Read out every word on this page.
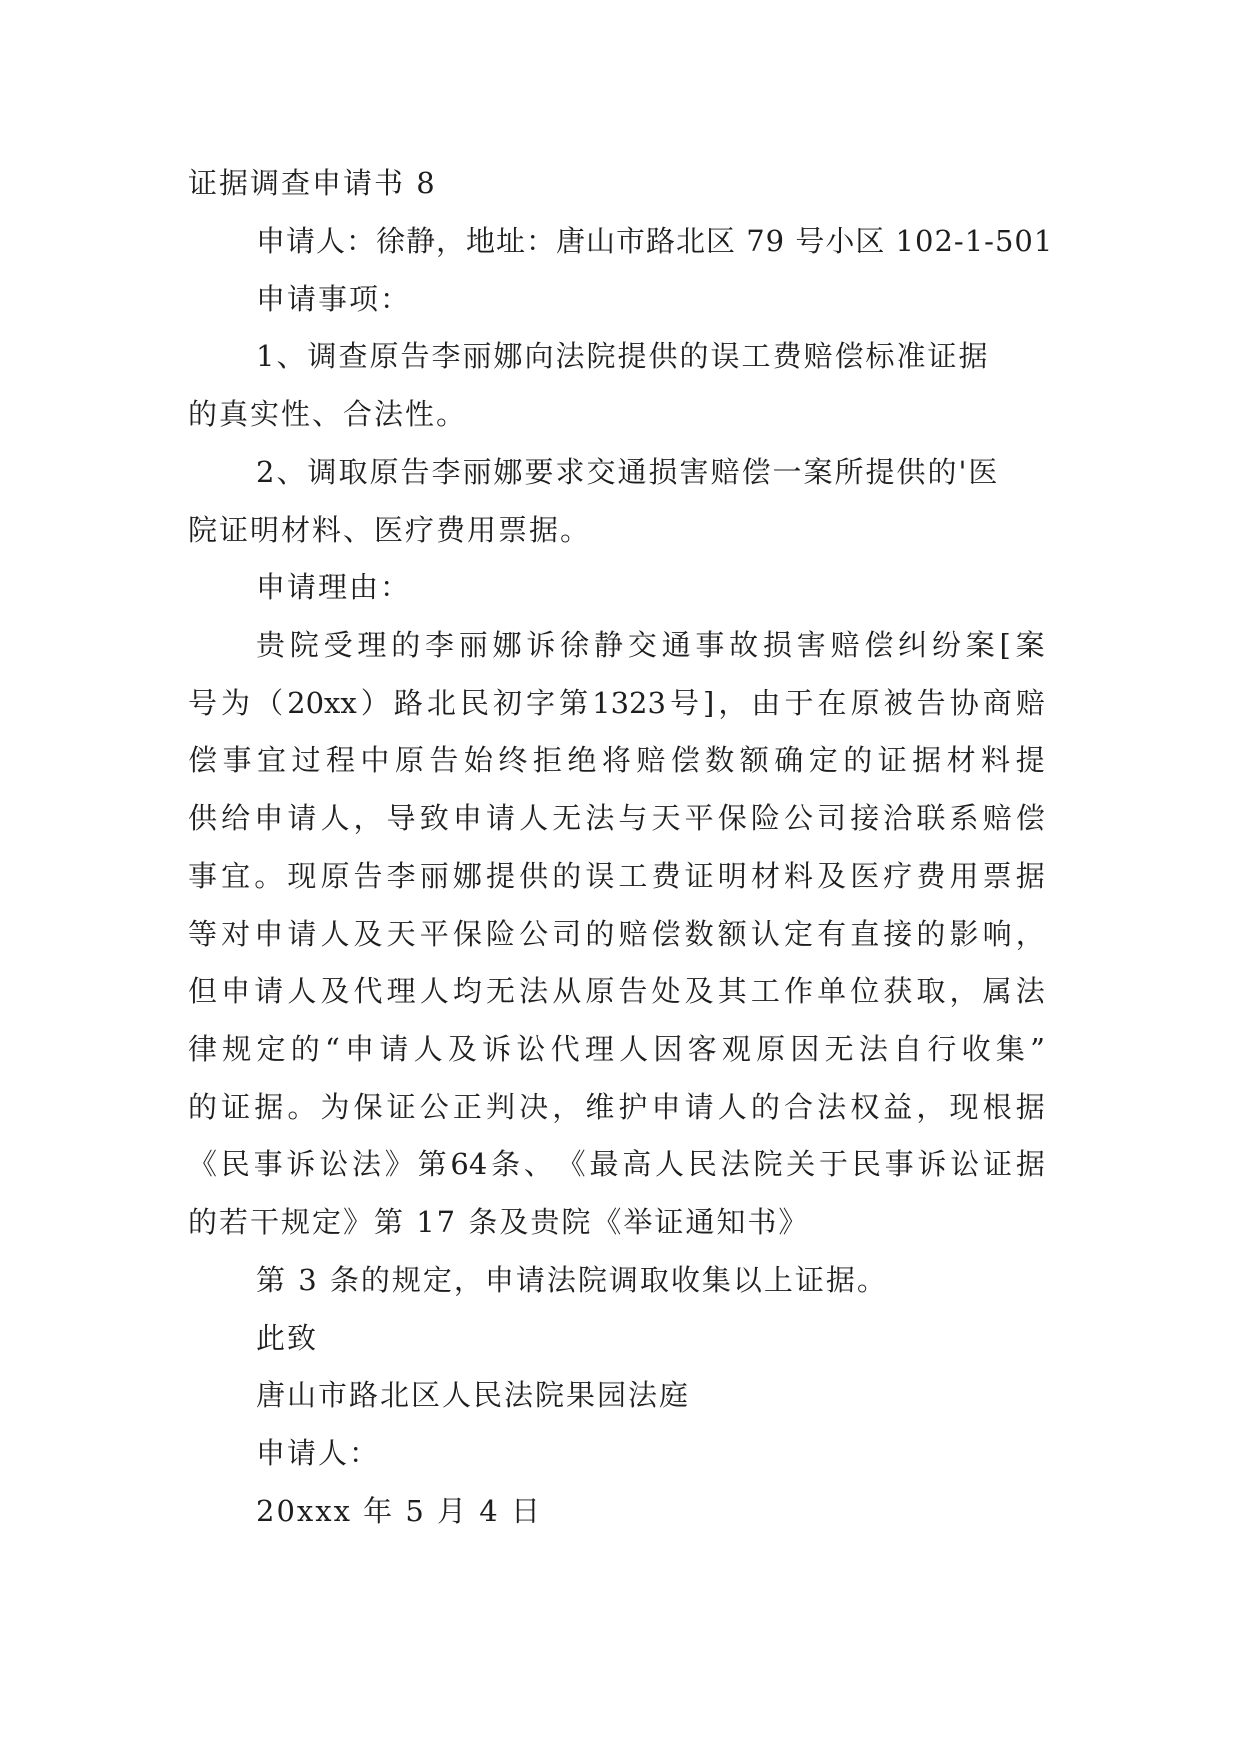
证据调查申请书 8

申请人：徐静，地址：唐山市路北区 79 号小区 102-1-501

申请事项：

1、调查原告李丽娜向法院提供的误工费赔偿标准证据

的真实性、合法性。

2、调取原告李丽娜要求交通损害赔偿一案所提供的'医

院证明材料、医疗费用票据。

申请理由：

贵 院 受 理 的 李 丽 娜 诉 徐 静 交 通 事 故 损 害 赔 偿 纠 纷 案 [ 案

号 为 （ 20xx ） 路 北 民 初 字 第 1323 号 ] ， 由 于 在 原 被 告 协 商 赔

偿 事 宜 过 程 中 原 告 始 终 拒 绝 将 赔 偿 数 额 确 定 的 证 据 材 料 提

供 给 申 请 人 ， 导 致 申 请 人 无 法 与 天 平 保 险 公 司 接 洽 联 系 赔 偿

事 宜 。 现 原 告 李 丽 娜 提 供 的 误 工 费 证 明 材 料 及 医 疗 费 用 票 据

等 对 申 请 人 及 天 平 保 险 公 司 的 赔 偿 数 额 认 定 有 直 接 的 影 响 ，

但 申 请 人 及 代 理 人 均 无 法 从 原 告 处 及 其 工 作 单 位 获 取 ， 属 法

律 规 定 的 “ 申 请 人 及 诉 讼 代 理 人 因 客 观 原 因 无 法 自 行 收 集 ”

的 证 据 。 为 保 证 公 正 判 决 ， 维 护 申 请 人 的 合 法 权 益 ， 现 根 据

《 民 事 诉 讼 法 》 第 64 条 、 《 最 高 人 民 法 院 关 于 民 事 诉 讼 证 据

的若干规定》第 17 条及贵院《举证通知书》

第 3 条的规定，申请法院调取收集以上证据。

此致

唐山市路北区人民法院果园法庭

申请人：

20xxx 年 5 月 4 日
